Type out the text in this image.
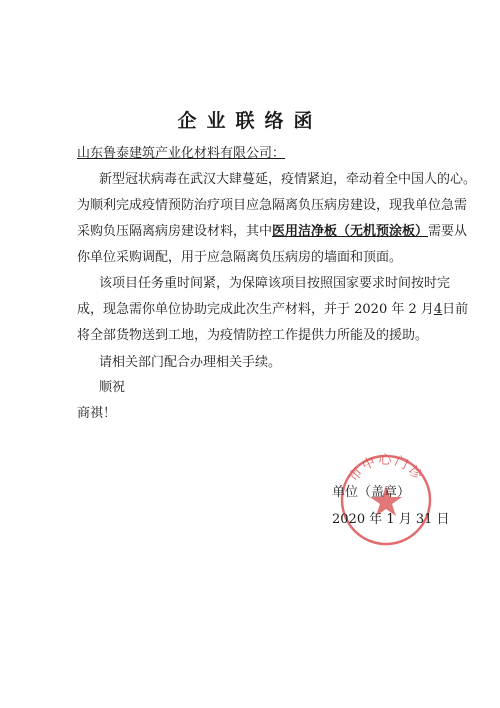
企业联络函
山东鲁泰建筑产业化材料有限公司：
新型冠状病毒在武汉大肆蔓延，疫情紧迫，牵动着全中国人的心。
为顺利完成疫情预防治疗项目应急隔离负压病房建设，现我单位急需
采购负压隔离病房建设材料，其中医用洁净板（无机预涂板）需要从
你单位采购调配，用于应急隔离负压病房的墙面和顶面。
该项目任务重时间紧，为保障该项目按照国家要求时间按时完
成，现急需你单位协助完成此次生产材料，并于 2020 年 2 月4日前
将全部货物送到工地，为疫情防控工作提供力所能及的援助。
请相关部门配合办理相关手续。
顺祝
商祺！
市中心门诊
单位（盖章）
2020 年 1 月 31 日
